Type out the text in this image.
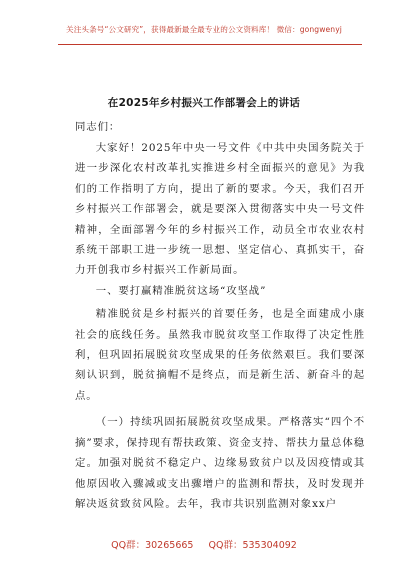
关注头条号“公文研究”，获得最新最全最专业的公文资料库！ 微信：gongwenyj
在2025年乡村振兴工作部署会上的讲话
同志们：

大家好！2025年中央一号文件《中共中央国务院关于进一步深化农村改革扎实推进乡村全面振兴的意见》为我们的工作指明了方向，提出了新的要求。今天，我们召开乡村振兴工作部署会，就是要深入贯彻落实中央一号文件精神，全面部署今年的乡村振兴工作，动员全市农业农村系统干部职工进一步统一思想、坚定信心、真抓实干，奋力开创我市乡村振兴工作新局面。

一、要打赢精准脱贫这场“攻坚战”

精准脱贫是乡村振兴的首要任务，也是全面建成小康社会的底线任务。虽然我市脱贫攻坚工作取得了决定性胜利，但巩固拓展脱贫攻坚成果的任务依然艰巨。我们要深刻认识到，脱贫摘帽不是终点，而是新生活、新奋斗的起点。

（一）持续巩固拓展脱贫攻坚成果。严格落实“四个不摘”要求，保持现有帮扶政策、资金支持、帮扶力量总体稳定。加强对脱贫不稳定户、边缘易致贫户以及因疫情或其他原因收入骤减或支出骤增户的监测和帮扶，及时发现并解决返贫致贫风险。去年，我市共识别监测对象xx户

QQ群：30265665 QQ群：535304092
